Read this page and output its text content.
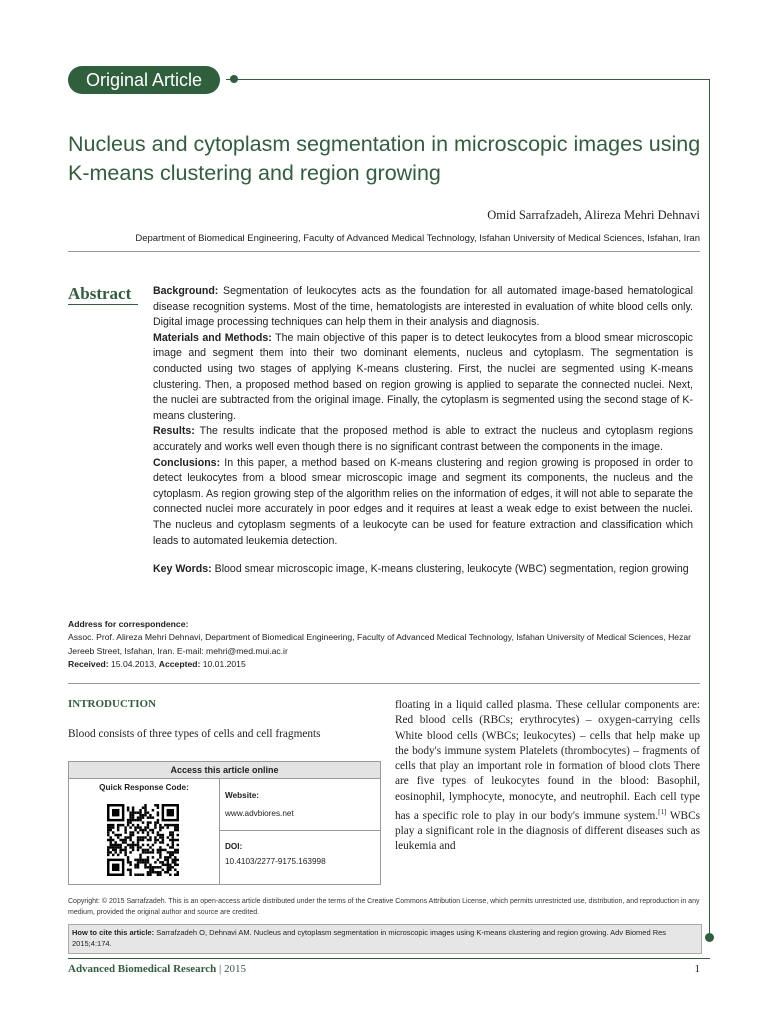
Original Article
Nucleus and cytoplasm segmentation in microscopic images using K-means clustering and region growing
Omid Sarrafzadeh, Alireza Mehri Dehnavi
Department of Biomedical Engineering, Faculty of Advanced Medical Technology, Isfahan University of Medical Sciences, Isfahan, Iran
Abstract	Background: Segmentation of leukocytes acts as the foundation for all automated image-based hematological disease recognition systems. Most of the time, hematologists are interested in evaluation of white blood cells only. Digital image processing techniques can help them in their analysis and diagnosis.

Materials and Methods: The main objective of this paper is to detect leukocytes from a blood smear microscopic image and segment them into their two dominant elements, nucleus and cytoplasm. The segmentation is conducted using two stages of applying K-means clustering. First, the nuclei are segmented using K-means clustering. Then, a proposed method based on region growing is applied to separate the connected nuclei. Next, the nuclei are subtracted from the original image. Finally, the cytoplasm is segmented using the second stage of K-means clustering.

Results: The results indicate that the proposed method is able to extract the nucleus and cytoplasm regions accurately and works well even though there is no significant contrast between the components in the image.

Conclusions: In this paper, a method based on K-means clustering and region growing is proposed in order to detect leukocytes from a blood smear microscopic image and segment its components, the nucleus and the cytoplasm. As region growing step of the algorithm relies on the information of edges, it will not able to separate the connected nuclei more accurately in poor edges and it requires at least a weak edge to exist between the nuclei. The nucleus and cytoplasm segments of a leukocyte can be used for feature extraction and classification which leads to automated leukemia detection.

Key Words: Blood smear microscopic image, K-means clustering, leukocyte (WBC) segmentation, region growing

Address for correspondence:

Assoc. Prof. Alireza Mehri Dehnavi, Department of Biomedical Engineering, Faculty of Advanced Medical Technology, Isfahan University of Medical Sciences, Hezar Jereeb Street, Isfahan, Iran. E-mail: mehri@med.mui.ac.ir

Received: 15.04.2013, Accepted: 10.01.2015

INTRODUCTION
Blood consists of three types of cells and cell fragments
Access this article online
Quick Response Code:
Website:
www.advbiores.net
DOI:
10.4103/2277-9175.163998

floating in a liquid called plasma. These cellular components are: Red blood cells (RBCs; erythrocytes) – oxygen-carrying cells White blood cells (WBCs; leukocytes) – cells that help make up the body's immune system Platelets (thrombocytes) – fragments of cells that play an important role in formation of blood clots There are five types of leukocytes found in the blood: Basophil, eosinophil, lymphocyte, monocyte, and neutrophil. Each cell type has a specific role to play in our body's immune system.[1] WBCs play a significant role in the diagnosis of different diseases such as leukemia and

Copyright: © 2015 Sarrafzadeh. This is an open-access article distributed under the terms of the Creative Commons Attribution License, which permits unrestricted use, distribution, and reproduction in any medium, provided the original author and source are credited.
How to cite this article: Sarrafzadeh O, Dehnavi AM. Nucleus and cytoplasm segmentation in microscopic images using K-means clustering and region growing. Adv Biomed Res 2015;4:174.
Advanced Biomedical Research | 2015	1
